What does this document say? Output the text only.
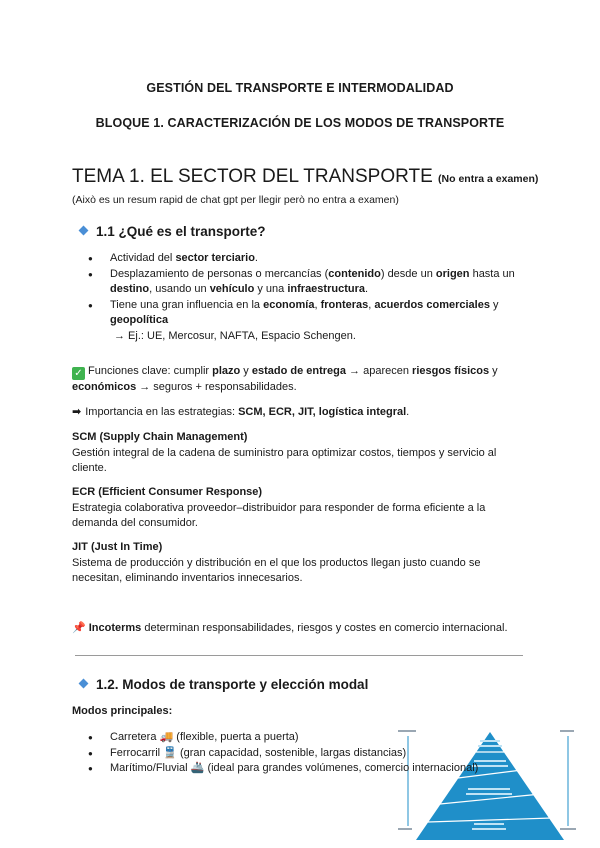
GESTIÓN DEL TRANSPORTE E INTERMODALIDAD
BLOQUE 1. CARACTERIZACIÓN DE LOS MODOS DE TRANSPORTE
TEMA 1. EL SECTOR DEL TRANSPORTE (No entra a examen)
(Això es un resum rapid de chat gpt per llegir però no entra a examen)
1.1 ¿Qué es el transporte?
● Actividad del sector terciario.
● Desplazamiento de personas o mercancías (contenido) desde un origen hasta un destino, usando un vehículo y una infraestructura.
● Tiene una gran influencia en la economía, fronteras, acuerdos comerciales y geopolítica
→ Ej.: UE, Mercosur, NAFTA, Espacio Schengen.
✓ Funciones clave: cumplir plazo y estado de entrega → aparecen riesgos físicos y económicos → seguros + responsabilidades.
➡ Importancia en las estrategias: SCM, ECR, JIT, logística integral.
SCM (Supply Chain Management)
Gestión integral de la cadena de suministro para optimizar costos, tiempos y servicio al cliente.
ECR (Efficient Consumer Response)
Estrategia colaborativa proveedor–distribuidor para responder de forma eficiente a la demanda del consumidor.
JIT (Just In Time)
Sistema de producción y distribución en el que los productos llegan justo cuando se necesitan, eliminando inventarios innecesarios.
📌 Incoterms determinan responsabilidades, riesgos y costes en comercio internacional.
1.2. Modos de transporte y elección modal
Modos principales:
● Carretera 🚚 (flexible, puerta a puerta)
● Ferrocarril 🚆 (gran capacidad, sostenible, largas distancias)
● Marítimo/Fluvial 🚢 (ideal para grandes volúmenes, comercio internacional)
